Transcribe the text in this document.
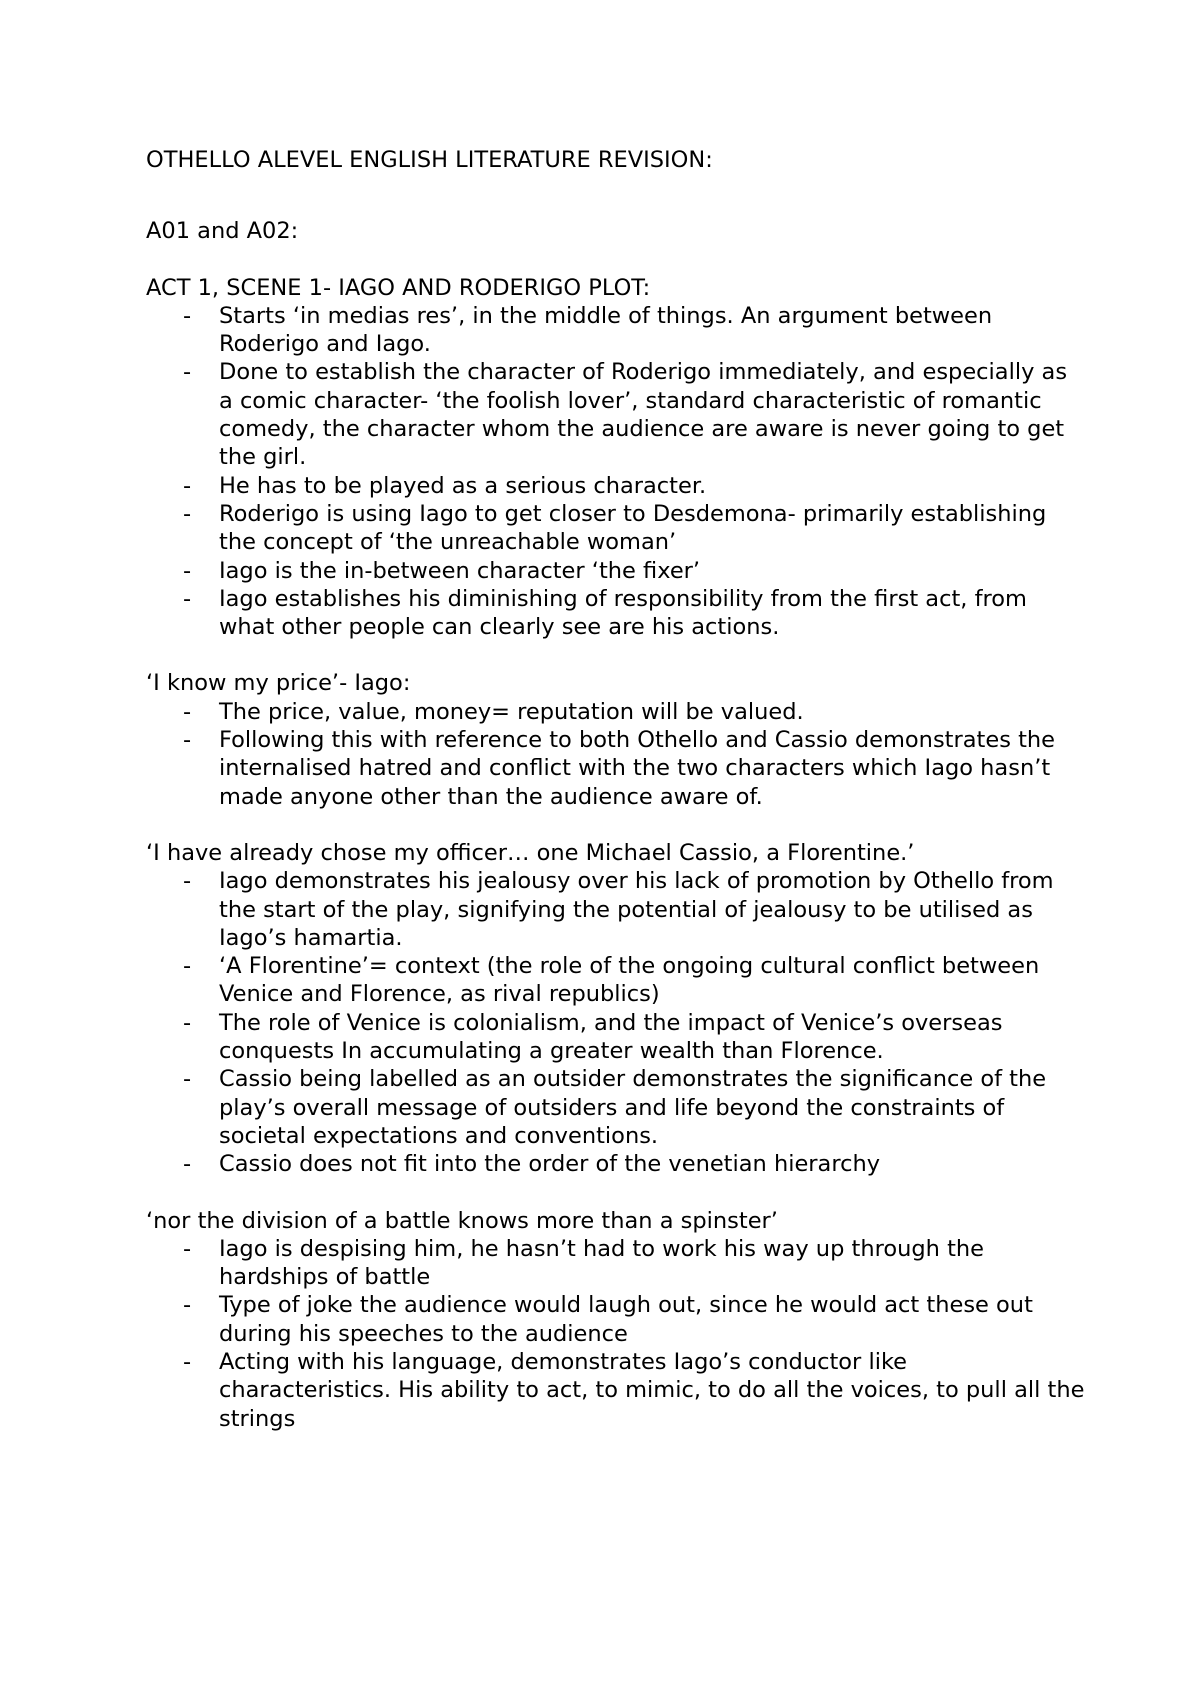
OTHELLO ALEVEL ENGLISH LITERATURE REVISION:

A01 and A02:

ACT 1, SCENE 1- IAGO AND RODERIGO PLOT:

- Starts ‘in medias res’, in the middle of things. An argument between Roderigo and Iago.
- Done to establish the character of Roderigo immediately, and especially as a comic character- ‘the foolish lover’, standard characteristic of romantic comedy, the character whom the audience are aware is never going to get the girl.
- He has to be played as a serious character.
- Roderigo is using Iago to get closer to Desdemona- primarily establishing the concept of ‘the unreachable woman’
- Iago is the in-between character ‘the fixer’
- Iago establishes his diminishing of responsibility from the first act, from what other people can clearly see are his actions.

‘I know my price’- Iago:

- The price, value, money= reputation will be valued.
- Following this with reference to both Othello and Cassio demonstrates the internalised hatred and conflict with the two characters which Iago hasn’t made anyone other than the audience aware of.

‘I have already chose my officer… one Michael Cassio, a Florentine.’

- Iago demonstrates his jealousy over his lack of promotion by Othello from the start of the play, signifying the potential of jealousy to be utilised as Iago’s hamartia.
- ‘A Florentine’= context (the role of the ongoing cultural conflict between Venice and Florence, as rival republics)
- The role of Venice is colonialism, and the impact of Venice’s overseas conquests In accumulating a greater wealth than Florence.
- Cassio being labelled as an outsider demonstrates the significance of the play’s overall message of outsiders and life beyond the constraints of societal expectations and conventions.
- Cassio does not fit into the order of the venetian hierarchy

‘nor the division of a battle knows more than a spinster’

- Iago is despising him, he hasn’t had to work his way up through the hardships of battle
- Type of joke the audience would laugh out, since he would act these out during his speeches to the audience
- Acting with his language, demonstrates Iago’s conductor like characteristics. His ability to act, to mimic, to do all the voices, to pull all the strings
